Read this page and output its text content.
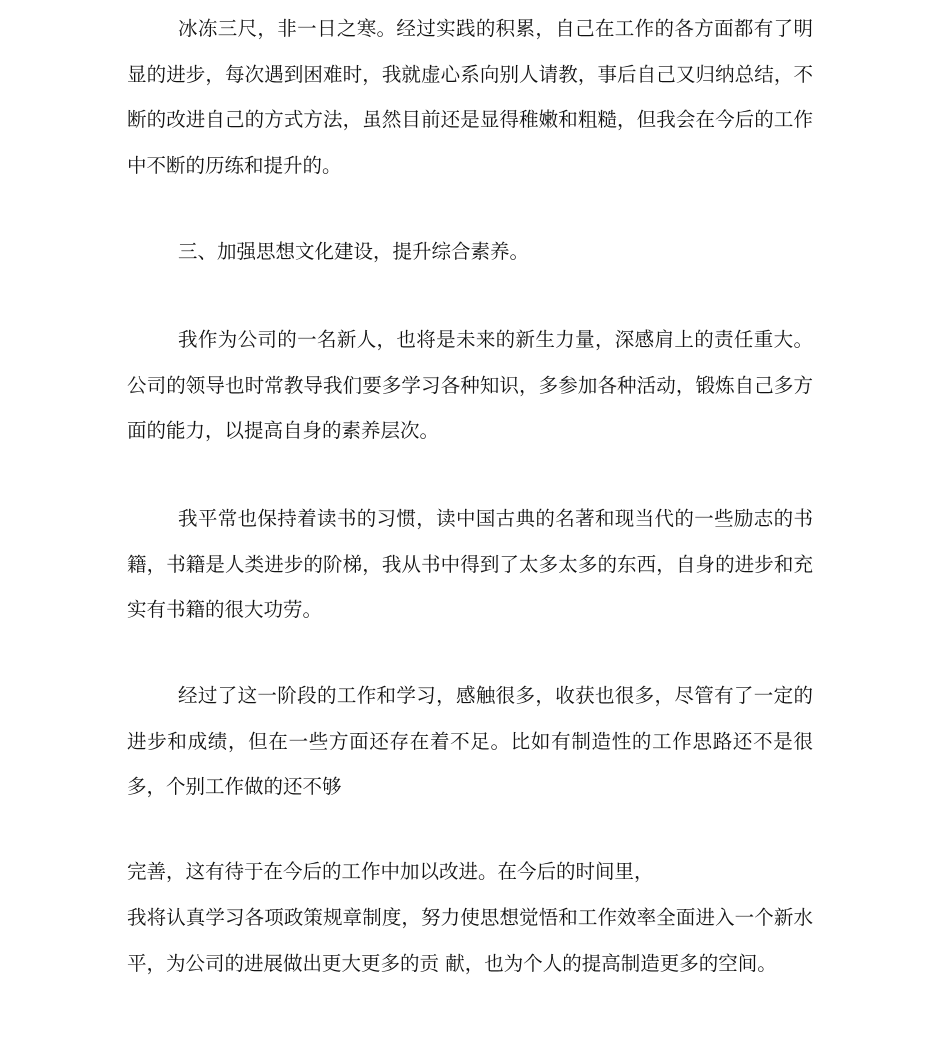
冰冻三尺，非一日之寒。经过实践的积累，自己在工作的各方面都有了明显的进步，每次遇到困难时，我就虚心系向别人请教，事后自己又归纳总结，不断的改进自己的方式方法，虽然目前还是显得稚嫩和粗糙，但我会在今后的工作中不断的历练和提升的。

三、加强思想文化建设，提升综合素养。

我作为公司的一名新人，也将是未来的新生力量，深感肩上的责任重大。公司的领导也时常教导我们要多学习各种知识，多参加各种活动，锻炼自己多方面的能力，以提高自身的素养层次。

我平常也保持着读书的习惯，读中国古典的名著和现当代的一些励志的书籍，书籍是人类进步的阶梯，我从书中得到了太多太多的东西，自身的进步和充实有书籍的很大功劳。

经过了这一阶段的工作和学习，感触很多，收获也很多，尽管有了一定的进步和成绩，但在一些方面还存在着不足。比如有制造性的工作思路还不是很多，个别工作做的还不够

完善，这有待于在今后的工作中加以改进。在今后的时间里，
我将认真学习各项政策规章制度，努力使思想觉悟和工作效率全面进入一个新水平，为公司的进展做出更大更多的贡 献，也为个人的提高制造更多的空间。
